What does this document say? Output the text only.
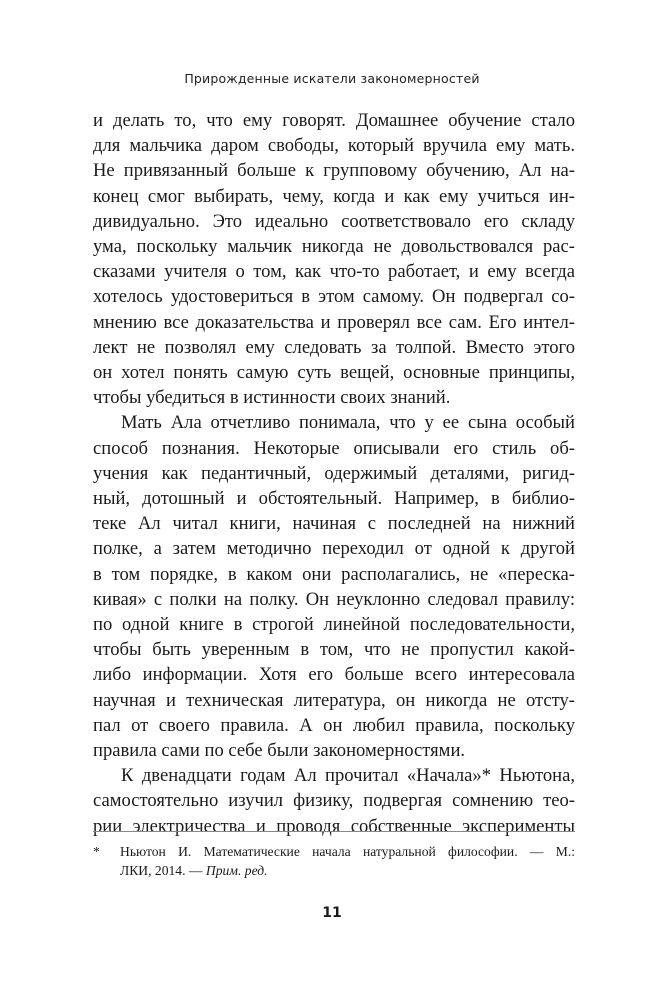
Прирожденные искатели закономерностей
и делать то, что ему говорят. Домашнее обучение стало
для мальчика даром свободы, который вручила ему мать.
Не привязанный больше к групповому обучению, Ал на-
конец смог выбирать, чему, когда и как ему учиться ин-
дивидуально. Это идеально соответствовало его складу
ума, поскольку мальчик никогда не довольствовался рас-
сказами учителя о том, как что-то работает, и ему всегда
хотелось удостовериться в этом самому. Он подвергал со-
мнению все доказательства и проверял все сам. Его интел-
лект не позволял ему следовать за толпой. Вместо этого
он хотел понять самую суть вещей, основные принципы,
чтобы убедиться в истинности своих знаний.
Мать Ала отчетливо понимала, что у ее сына особый
способ познания. Некоторые описывали его стиль об-
учения как педантичный, одержимый деталями, ригид-
ный, дотошный и обстоятельный. Например, в библио-
теке Ал читал книги, начиная с последней на нижний
полке, а затем методично переходил от одной к другой
в том порядке, в каком они располагались, не «переска-
кивая» с полки на полку. Он неуклонно следовал правилу:
по одной книге в строгой линейной последовательности,
чтобы быть уверенным в том, что не пропустил какой-
либо информации. Хотя его больше всего интересовала
научная и техническая литература, он никогда не отсту-
пал от своего правила. А он любил правила, поскольку
правила сами по себе были закономерностями.
К двенадцати годам Ал прочитал «Начала»* Ньютона,
самостоятельно изучил физику, подвергая сомнению тео-
рии электричества и проводя собственные эксперименты
* Ньютон И. Математические начала натуральной философии. — М.:
ЛКИ, 2014. — Прим. ред.
11
